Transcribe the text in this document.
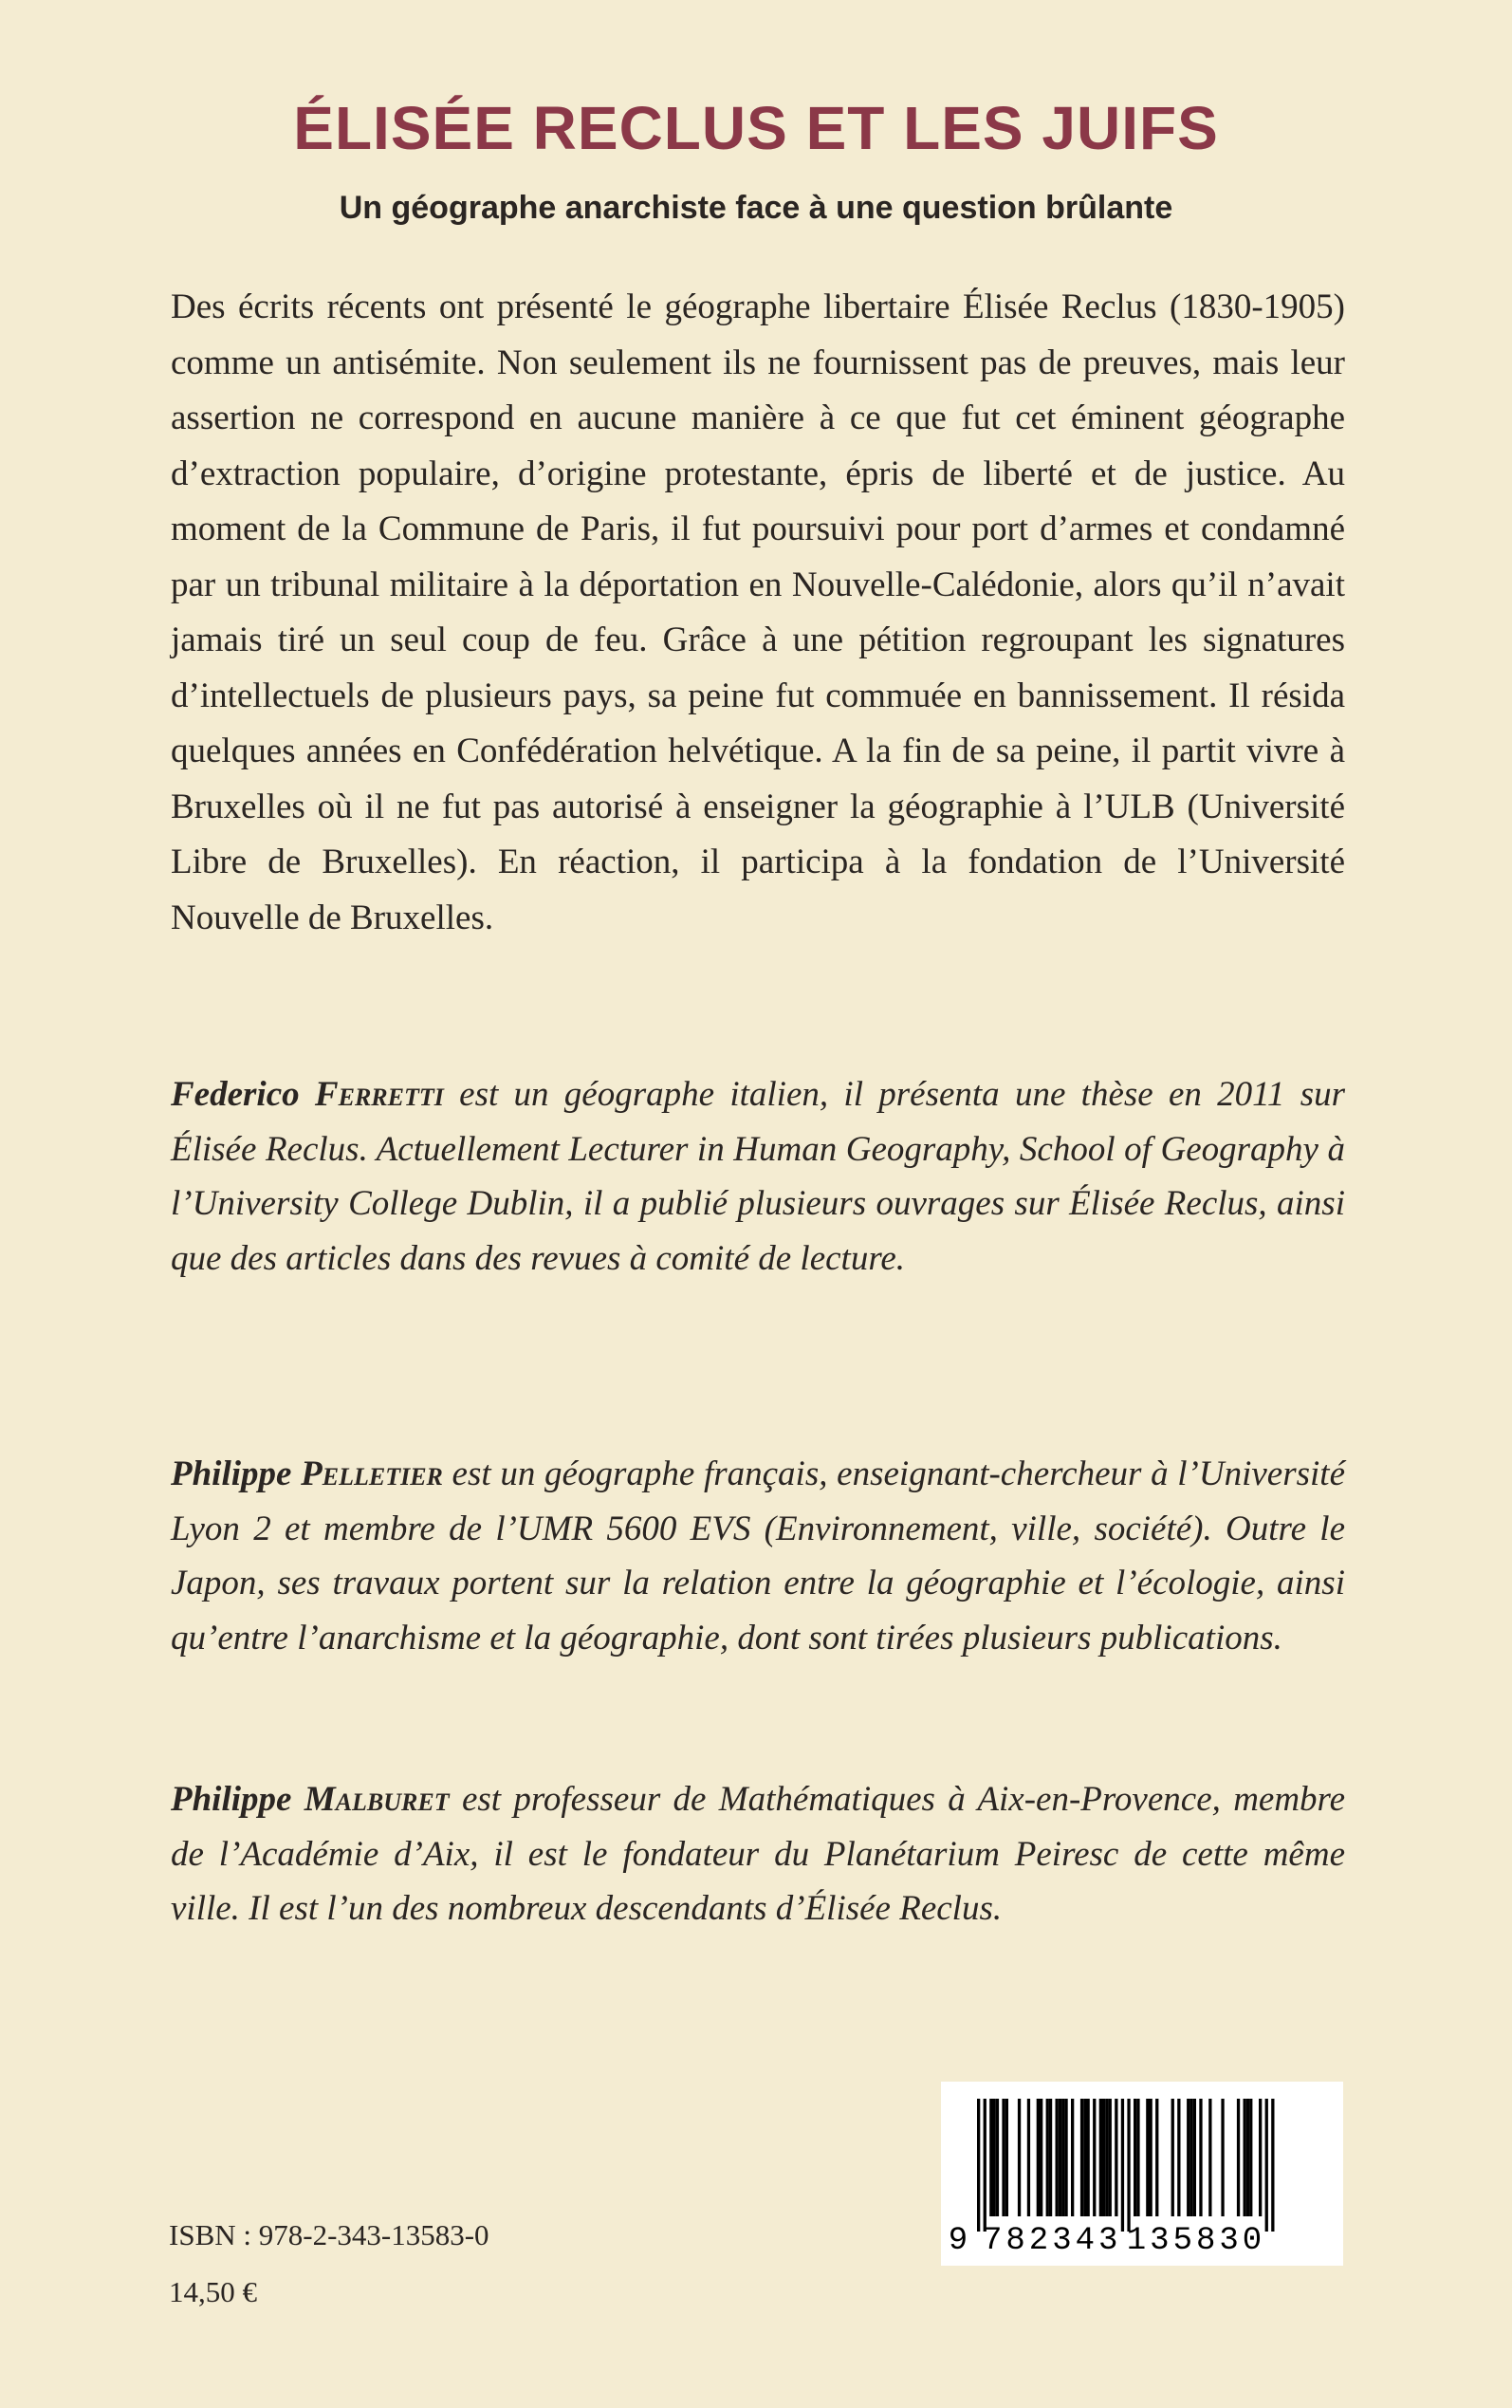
ÉLISÉE RECLUS ET LES JUIFS
Un géographe anarchiste face à une question brûlante

Des écrits récents ont présenté le géographe libertaire Élisée Reclus (1830-1905) comme un antisémite. Non seulement ils ne fournissent pas de preuves, mais leur assertion ne correspond en aucune manière à ce que fut cet éminent géographe d’extraction populaire, d’origine protestante, épris de liberté et de justice. Au moment de la Commune de Paris, il fut poursuivi pour port d’armes et condamné par un tribunal militaire à la déportation en Nouvelle-Calédonie, alors qu’il n’avait jamais tiré un seul coup de feu. Grâce à une pétition regroupant les signatures d’intellectuels de plusieurs pays, sa peine fut commuée en bannissement. Il résida quelques années en Confédération helvétique. A la fin de sa peine, il partit vivre à Bruxelles où il ne fut pas autorisé à enseigner la géographie à l’ULB (Université Libre de Bruxelles). En réaction, il participa à la fondation de l’Université Nouvelle de Bruxelles.

Federico Ferretti est un géographe italien, il présenta une thèse en 2011 sur Élisée Reclus. Actuellement Lecturer in Human Geography, School of Geography à l’University College Dublin, il a publié plusieurs ouvrages sur Élisée Reclus, ainsi que des articles dans des revues à comité de lecture.

Philippe Pelletier est un géographe français, enseignant-chercheur à l’Université Lyon 2 et membre de l’UMR 5600 EVS (Environnement, ville, société). Outre le Japon, ses travaux portent sur la relation entre la géographie et l’écologie, ainsi qu’entre l’anarchisme et la géographie, dont sont tirées plusieurs publications.

Philippe Malburet est professeur de Mathématiques à Aix-en-Provence, membre de l’Académie d’Aix, il est le fondateur du Planétarium Peiresc de cette même ville. Il est l’un des nombreux descendants d’Élisée Reclus.

ISBN : 978-2-343-13583-0

14,50 €

9 782343 135830
